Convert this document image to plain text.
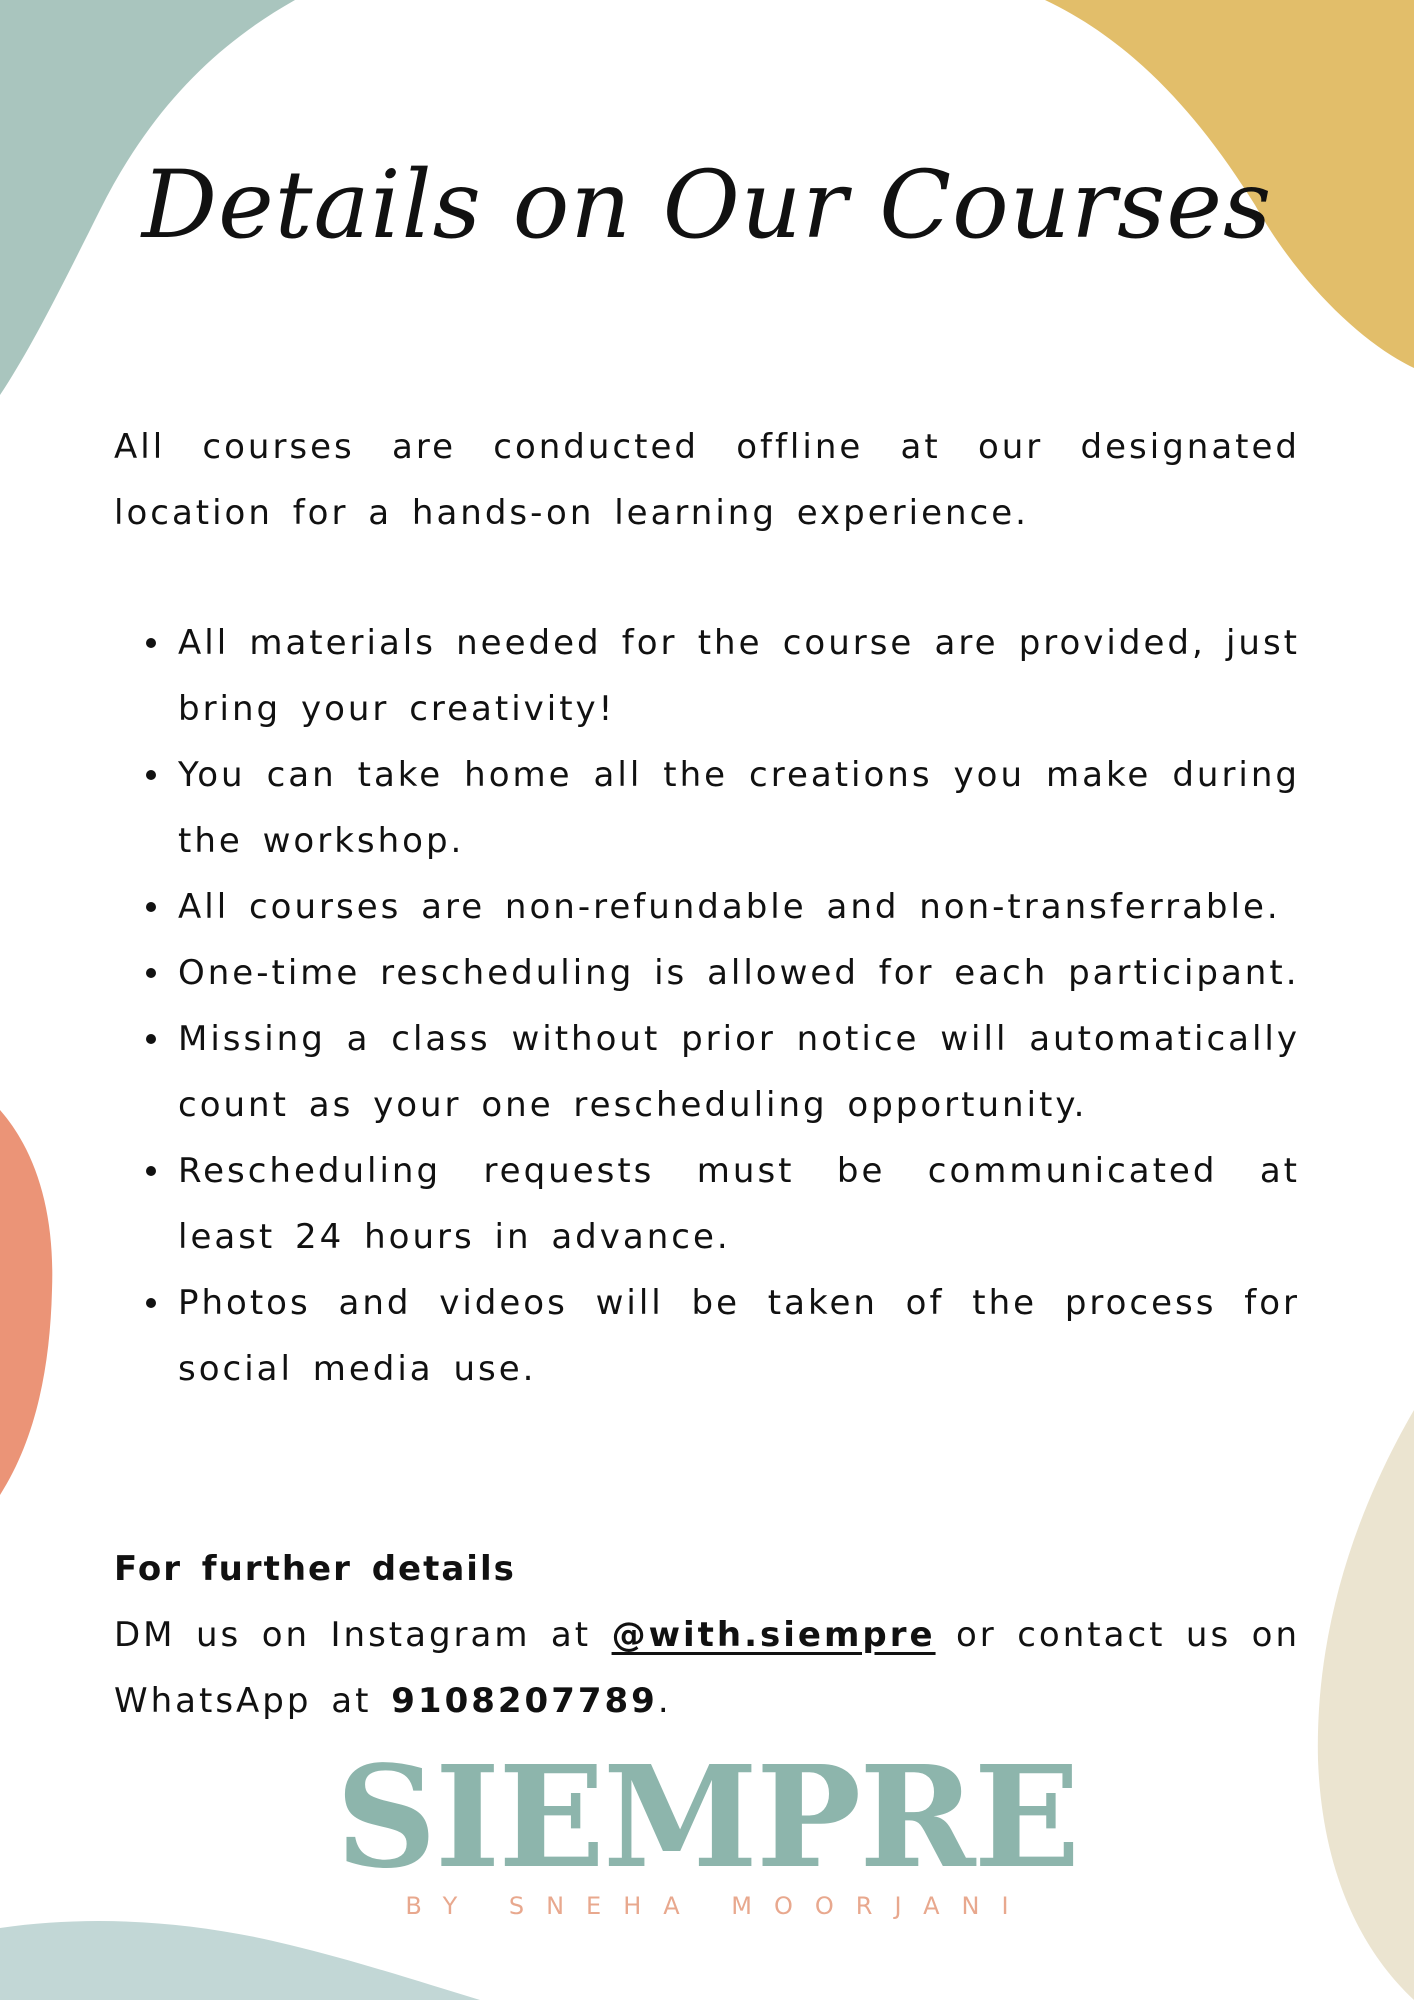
Details on Our Courses

All courses are conducted offline at our designated location for a hands-on learning experience.

All materials needed for the course are provided, just bring your creativity!
You can take home all the creations you make during the workshop.
All courses are non-refundable and non-transferrable.
One-time rescheduling is allowed for each participant.
Missing a class without prior notice will automatically count as your one rescheduling opportunity.
Rescheduling requests must be communicated at least 24 hours in advance.
Photos and videos will be taken of the process for social media use.
For further details

DM us on Instagram at @with.siempre or contact us on WhatsApp at 9108207789.

SIEMPRE
BY SNEHA MOORJANI
